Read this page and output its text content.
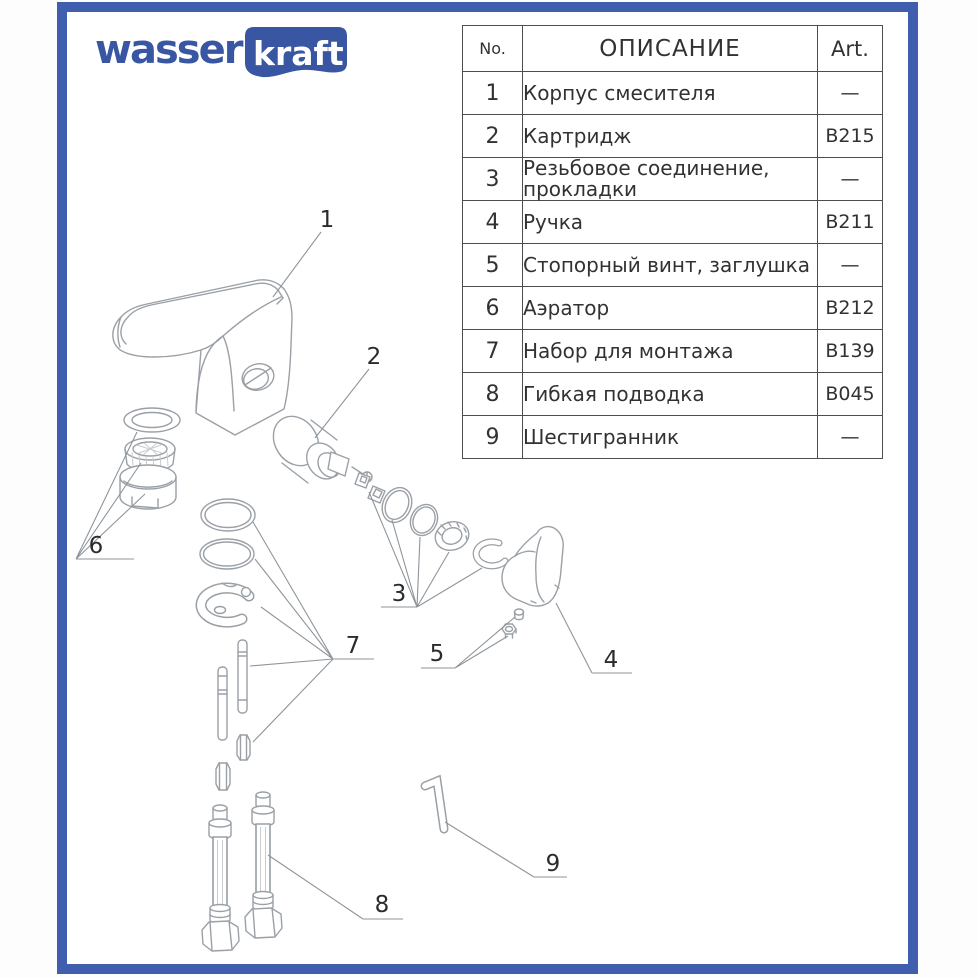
wasser kraft
1
2
3
4
5
6
7
8
9
No.	ОПИСАНИЕ	Art.
1	Корпус смесителя	—
2	Картридж	B215
3	Резьбовое соединение, прокладки	—
4	Ручка	B211
5	Стопорный винт, заглушка	—
6	Аэратор	B212
7	Набор для монтажа	B139
8	Гибкая подводка	B045
9	Шестигранник	—
